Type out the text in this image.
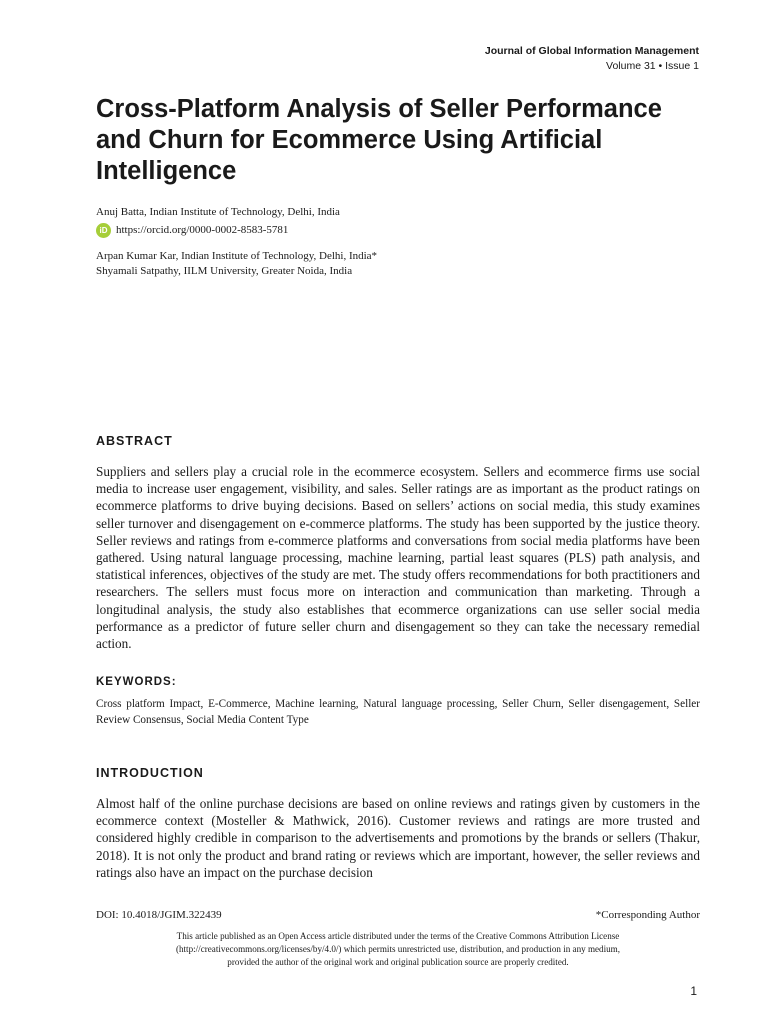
Journal of Global Information Management
Volume 31 • Issue 1
Cross-Platform Analysis of Seller Performance and Churn for Ecommerce Using Artificial Intelligence
Anuj Batta, Indian Institute of Technology, Delhi, India
iD https://orcid.org/0000-0002-8583-5781
Arpan Kumar Kar, Indian Institute of Technology, Delhi, India*
Shyamali Satpathy, IILM University, Greater Noida, India
ABSTRACT

Suppliers and sellers play a crucial role in the ecommerce ecosystem. Sellers and ecommerce firms use social media to increase user engagement, visibility, and sales. Seller ratings are as important as the product ratings on ecommerce platforms to drive buying decisions. Based on sellers’ actions on social media, this study examines seller turnover and disengagement on e-commerce platforms. The study has been supported by the justice theory. Seller reviews and ratings from e-commerce platforms and conversations from social media platforms have been gathered. Using natural language processing, machine learning, partial least squares (PLS) path analysis, and statistical inferences, objectives of the study are met. The study offers recommendations for both practitioners and researchers. The sellers must focus more on interaction and communication than marketing. Through a longitudinal analysis, the study also establishes that ecommerce organizations can use seller social media performance as a predictor of future seller churn and disengagement so they can take the necessary remedial action.

KEYWORDS:

Cross platform Impact, E-Commerce, Machine learning, Natural language processing, Seller Churn, Seller disengagement, Seller Review Consensus, Social Media Content Type

INTRODUCTION

Almost half of the online purchase decisions are based on online reviews and ratings given by customers in the ecommerce context (Mosteller & Mathwick, 2016). Customer reviews and ratings are more trusted and considered highly credible in comparison to the advertisements and promotions by the brands or sellers (Thakur, 2018). It is not only the product and brand rating or reviews which are important, however, the seller reviews and ratings also have an impact on the purchase decision

DOI: 10.4018/JGIM.322439	*Corresponding Author

This article published as an Open Access article distributed under the terms of the Creative Commons Attribution License
(http://creativecommons.org/licenses/by/4.0/) which permits unrestricted use, distribution, and production in any medium,
provided the author of the original work and original publication source are properly credited.

1
